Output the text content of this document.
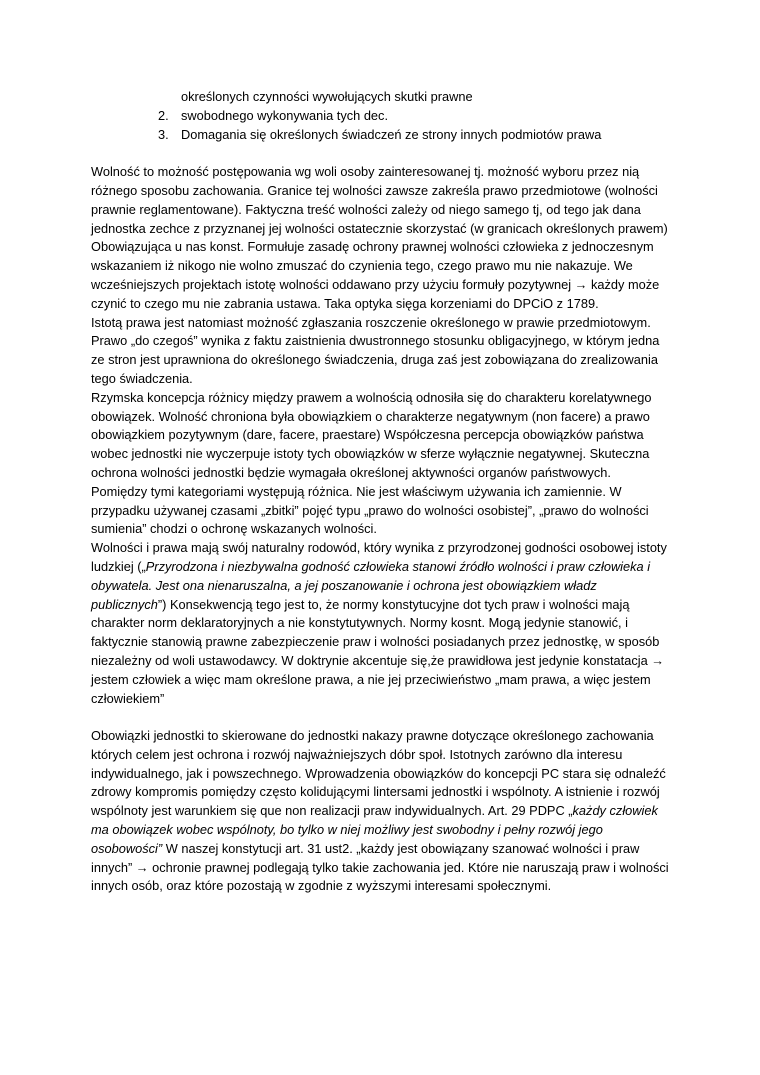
określonych czynności wywołujących skutki prawne
2. swobodnego wykonywania tych dec.
3. Domagania się określonych świadczeń ze strony innych podmiotów prawa

Wolność to możność postępowania wg woli osoby zainteresowanej tj. możność wyboru przez nią różnego sposobu zachowania. Granice tej wolności zawsze zakreśla prawo przedmiotowe (wolności prawnie reglamentowane). Faktyczna treść wolności zależy od niego samego tj, od tego jak dana jednostka zechce z przyznanej jej wolności ostatecznie skorzystać (w granicach określonych prawem)

Obowiązująca u nas konst. Formułuje zasadę ochrony prawnej wolności człowieka z jednoczesnym wskazaniem iż nikogo nie wolno zmuszać do czynienia tego, czego prawo mu nie nakazuje. We wcześniejszych projektach istotę wolności oddawano przy użyciu formuły pozytywnej → każdy może czynić to czego mu nie zabrania ustawa. Taka optyka sięga korzeniami do DPCiO z 1789.

Istotą prawa jest natomiast możność zgłaszania roszczenie określonego w prawie przedmiotowym. Prawo „do czegoś” wynika z faktu zaistnienia dwustronnego stosunku obligacyjnego, w którym jedna ze stron jest uprawniona do określonego świadczenia, druga zaś jest zobowiązana do zrealizowania tego świadczenia.

Rzymska koncepcja różnicy między prawem a wolnością odnosiła się do charakteru korelatywnego obowiązek. Wolność chroniona była obowiązkiem o charakterze negatywnym (non facere) a prawo obowiązkiem pozytywnym (dare, facere, praestare) Współczesna percepcja obowiązków państwa wobec jednostki nie wyczerpuje istoty tych obowiązków w sferze wyłącznie negatywnej. Skuteczna ochrona wolności jednostki będzie wymagała określonej aktywności organów państwowych.

Pomiędzy tymi kategoriami występują różnica. Nie jest właściwym używania ich zamiennie. W przypadku używanej czasami „zbitki” pojęć typu „prawo do wolności osobistej”, „prawo do wolności sumienia” chodzi o ochronę wskazanych wolności.

Wolności i prawa mają swój naturalny rodowód, który wynika z przyrodzonej godności osobowej istoty ludzkiej („Przyrodzona i niezbywalna godność człowieka stanowi źródło wolności i praw człowieka i obywatela. Jest ona nienaruszalna, a jej poszanowanie i ochrona jest obowiązkiem władz publicznych”) Konsekwencją tego jest to, że normy konstytucyjne dot tych praw i wolności mają charakter norm deklaratoryjnych a nie konstytutywnych. Normy kosnt. Mogą jedynie stanowić, i faktycznie stanowią prawne zabezpieczenie praw i wolności posiadanych przez jednostkę, w sposób niezależny od woli ustawodawcy. W doktrynie akcentuje się,że prawidłowa jest jedynie konstatacja → jestem człowiek a więc mam określone prawa, a nie jej przeciwieństwo „mam prawa, a więc jestem człowiekiem”

Obowiązki jednostki to skierowane do jednostki nakazy prawne dotyczące określonego zachowania których celem jest ochrona i rozwój najważniejszych dóbr społ. Istotnych zarówno dla interesu indywidualnego, jak i powszechnego. Wprowadzenia obowiązków do koncepcji PC stara się odnaleźć zdrowy kompromis pomiędzy często kolidującymi lintersami jednostki i wspólnoty. A istnienie i rozwój wspólnoty jest warunkiem się que non realizacji praw indywidualnych. Art. 29 PDPC „każdy człowiek ma obowiązek wobec wspólnoty, bo tylko w niej możliwy jest swobodny i pełny rozwój jego osobowości” W naszej konstytucji art. 31 ust2. „każdy jest obowiązany szanować wolności i praw innych” → ochronie prawnej podlegają tylko takie zachowania jed. Które nie naruszają praw i wolności innych osób, oraz które pozostają w zgodnie z wyższymi interesami społecznymi.
